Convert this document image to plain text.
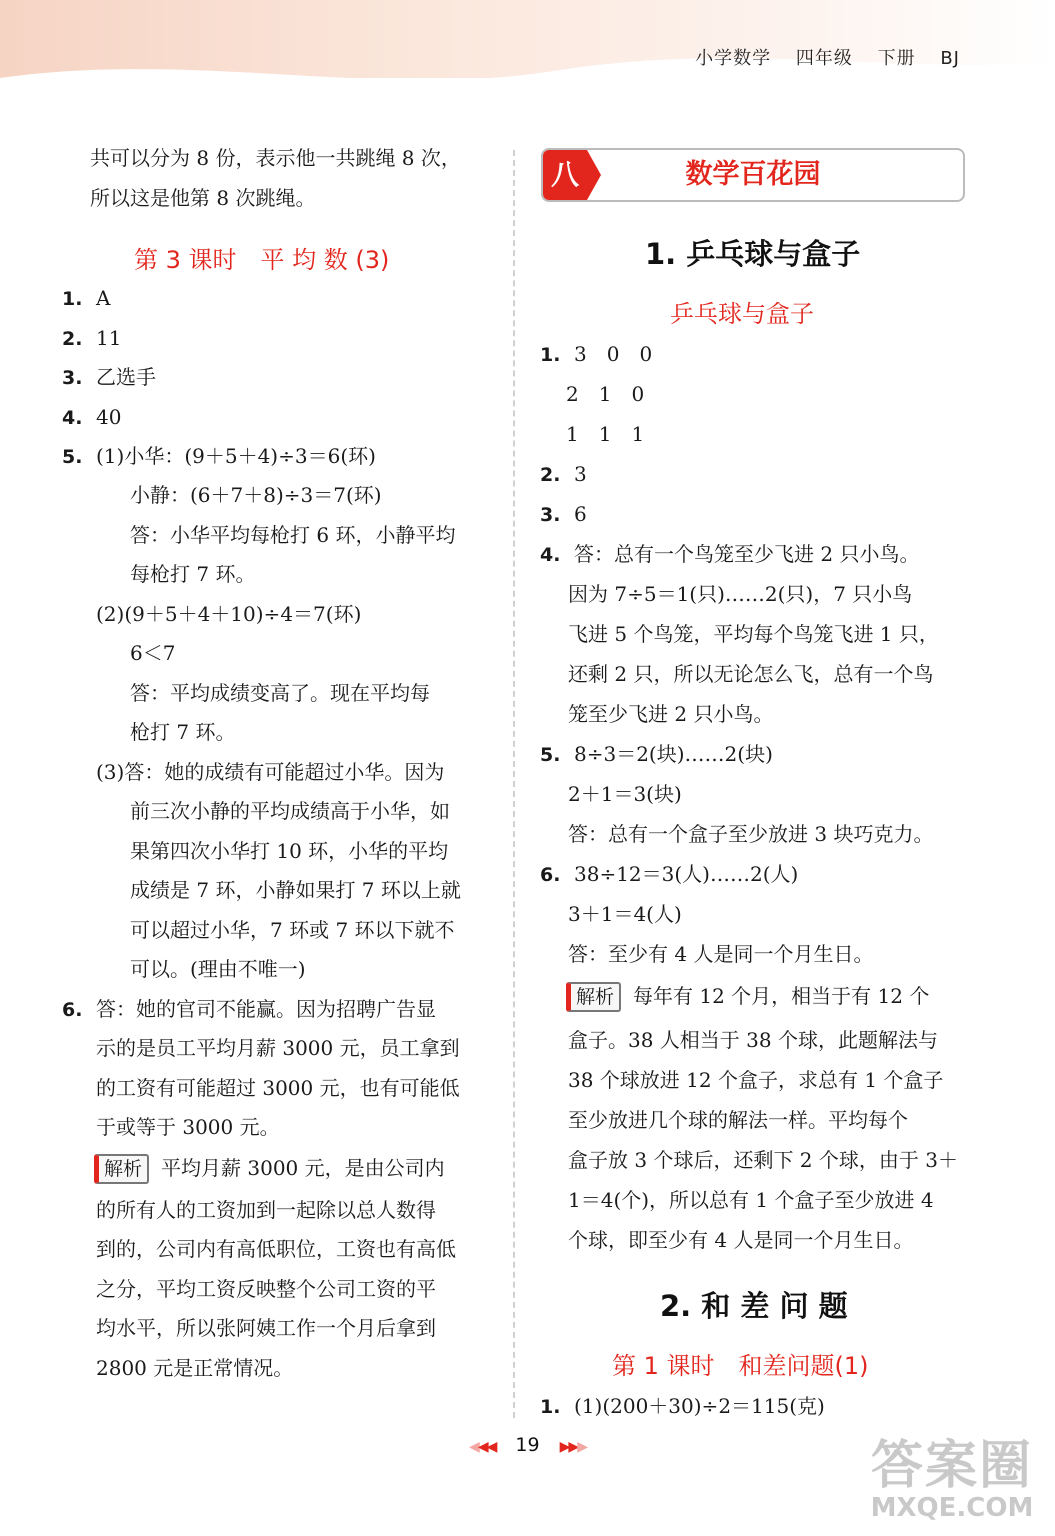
小学数学 四年级 下册 BJ
共可以分为 8 份，表示他一共跳绳 8 次，
所以这是他第 8 次跳绳。
第 3 课时　平 均 数 (3)
1. A
2. 11
3. 乙选手
4. 40
5. (1)小华：(9＋5＋4)÷3＝6(环)
小静：(6＋7＋8)÷3＝7(环)
答：小华平均每枪打 6 环，小静平均
每枪打 7 环。
(2)(9＋5＋4＋10)÷4＝7(环)
6＜7
答：平均成绩变高了。现在平均每
枪打 7 环。
(3)答：她的成绩有可能超过小华。因为
前三次小静的平均成绩高于小华，如
果第四次小华打 10 环，小华的平均
成绩是 7 环，小静如果打 7 环以上就
可以超过小华，7 环或 7 环以下就不
可以。(理由不唯一)
6. 答：她的官司不能赢。因为招聘广告显
示的是员工平均月薪 3000 元，员工拿到
的工资有可能超过 3000 元，也有可能低
于或等于 3000 元。
解析 平均月薪 3000 元，是由公司内
的所有人的工资加到一起除以总人数得
到的，公司内有高低职位，工资也有高低
之分，平均工资反映整个公司工资的平
均水平，所以张阿姨工作一个月后拿到
2800 元是正常情况。
数学百花园
八
1. 乒乓球与盒子
乒乓球与盒子
1. 3　0　0
2　1　0
1　1　1
2. 3
3. 6
4. 答：总有一个鸟笼至少飞进 2 只小鸟。
因为 7÷5＝1(只)……2(只)，7 只小鸟
飞进 5 个鸟笼，平均每个鸟笼飞进 1 只，
还剩 2 只，所以无论怎么飞，总有一个鸟
笼至少飞进 2 只小鸟。
5. 8÷3＝2(块)……2(块)
2＋1＝3(块)
答：总有一个盒子至少放进 3 块巧克力。
6. 38÷12＝3(人)……2(人)
3＋1＝4(人)
答：至少有 4 人是同一个月生日。
解析 每年有 12 个月，相当于有 12 个
盒子。38 人相当于 38 个球，此题解法与
38 个球放进 12 个盒子，求总有 1 个盒子
至少放进几个球的解法一样。平均每个
盒子放 3 个球后，还剩下 2 个球，由于 3＋
1＝4(个)，所以总有 1 个盒子至少放进 4
个球，即至少有 4 人是同一个月生日。
2. 和 差 问 题
第 1 课时　和差问题(1)
1. (1)(200＋30)÷2＝115(克)
◀◀◀ 19 ▶▶▶	答案圈
MXQE.COM
